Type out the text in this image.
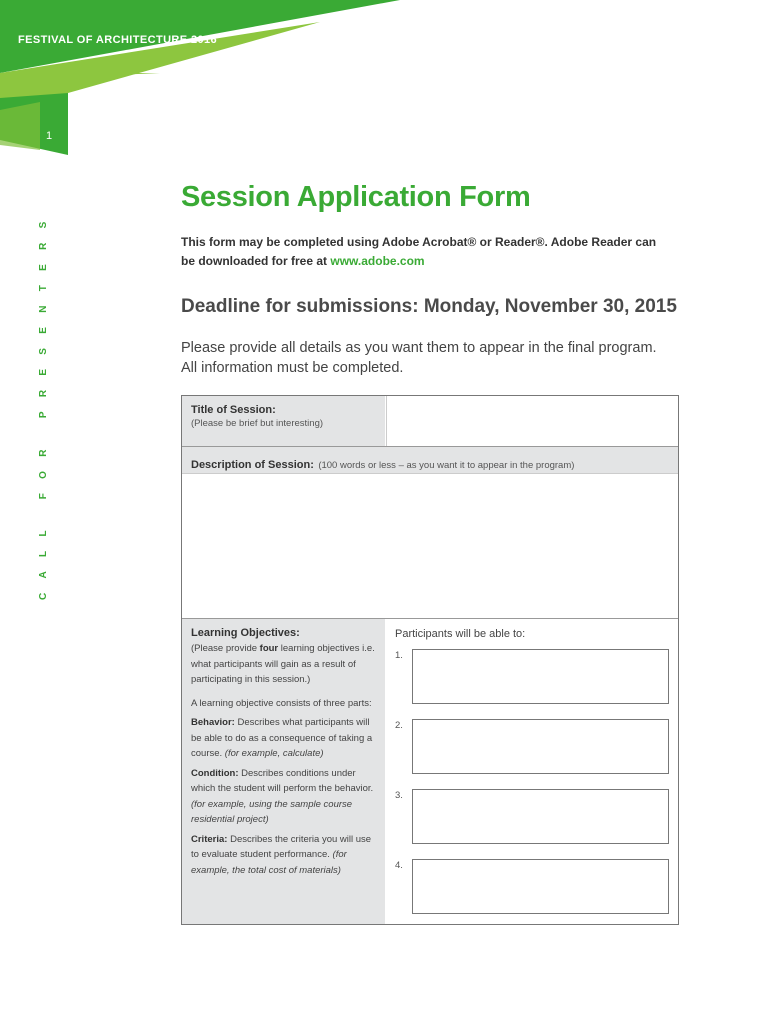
FESTIVAL OF ARCHITECTURE 2016
1
CALL FOR PRESENTERS
Session Application Form
This form may be completed using Adobe Acrobat® or Reader®. Adobe Reader can
be downloaded for free at www.adobe.com
Deadline for submissions: Monday, November 30, 2015
Please provide all details as you want them to appear in the final program.
All information must be completed.
Title of Session:
(Please be brief but interesting)
Description of Session: (100 words or less – as you want it to appear in the program)
Learning Objectives:

(Please provide four learning objectives i.e. what participants will gain as a result of participating in this session.)

A learning objective consists of three parts:

Behavior: Describes what participants will be able to do as a consequence of taking a course. (for example, calculate)

Condition: Describes conditions under which the student will perform the behavior. (for example, using the sample course residential project)

Criteria: Describes the criteria you will use to evaluate student performance. (for example, the total cost of materials)

Participants will be able to:
1.
2.
3.
4.
